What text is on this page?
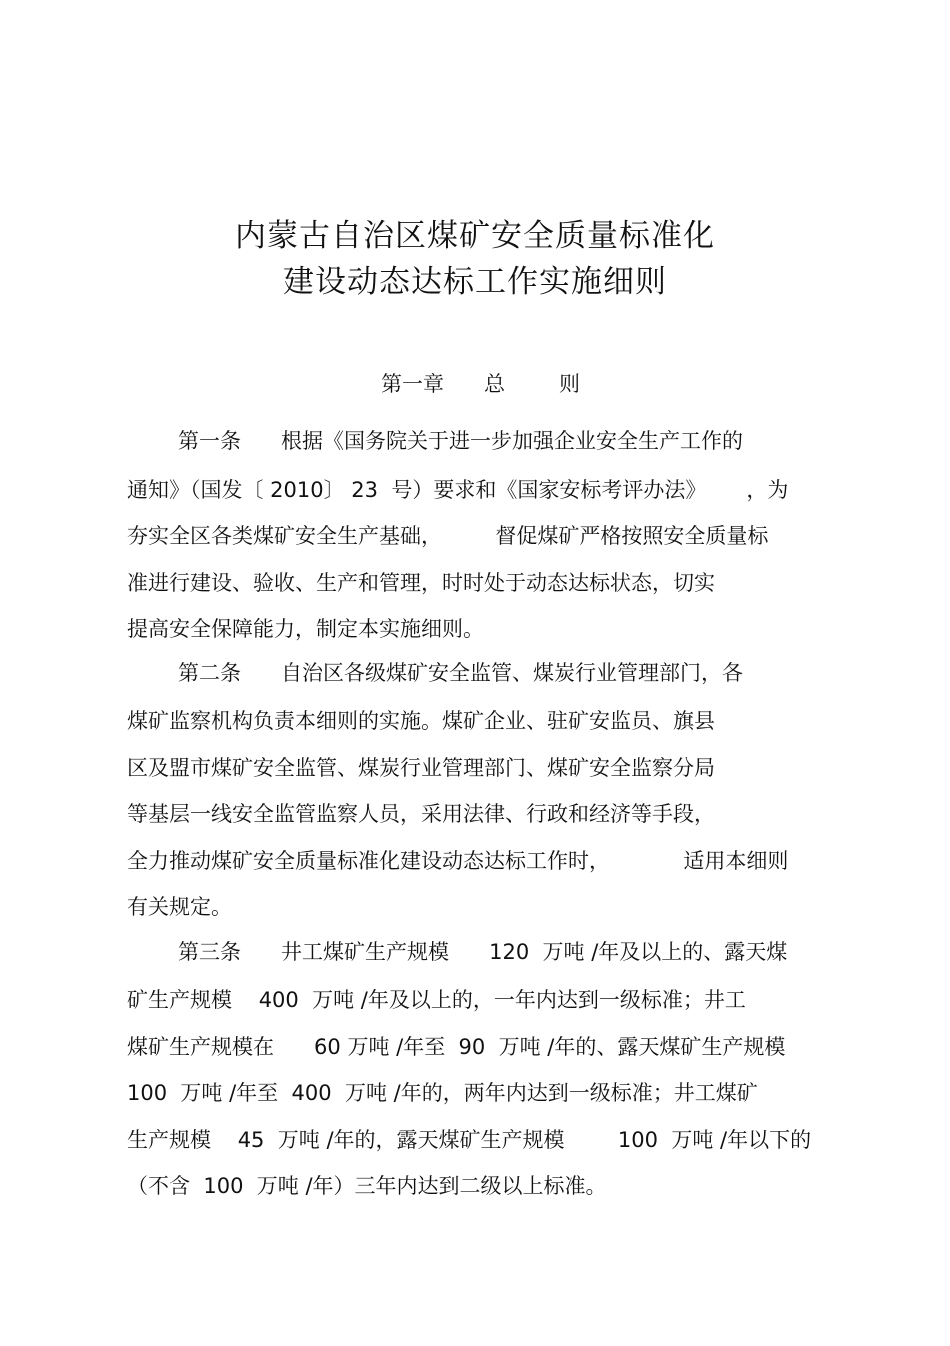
内蒙古自治区煤矿安全质量标准化
建设动态达标工作实施细则
第一章 总	则
第一条      根据《国务院关于进一步加强企业安全生产工作的
通知》（国发〔 2010〕 23  号）要求和《国家安标考评办法》      ，为
夯实全区各类煤矿安全生产基础，        督促煤矿严格按照安全质量标
准进行建设、验收、生产和管理，时时处于动态达标状态，切实
提高安全保障能力，制定本实施细则。
第二条      自治区各级煤矿安全监管、煤炭行业管理部门，各
煤矿监察机构负责本细则的实施。煤矿企业、驻矿安监员、旗县
区及盟市煤矿安全监管、煤炭行业管理部门、煤矿安全监察分局
等基层一线安全监管监察人员，采用法律、行政和经济等手段，
全力推动煤矿安全质量标准化建设动态达标工作时，           适用本细则
有关规定。
第三条      井工煤矿生产规模      120  万吨 /年及以上的、露天煤
矿生产规模    400  万吨 /年及以上的，一年内达到一级标准；井工
煤矿生产规模在      60 万吨 /年至  90  万吨 /年的、露天煤矿生产规模
100  万吨 /年至  400  万吨 /年的，两年内达到一级标准；井工煤矿
生产规模    45  万吨 /年的，露天煤矿生产规模        100  万吨 /年以下的
（不含  100  万吨 /年）三年内达到二级以上标准。
